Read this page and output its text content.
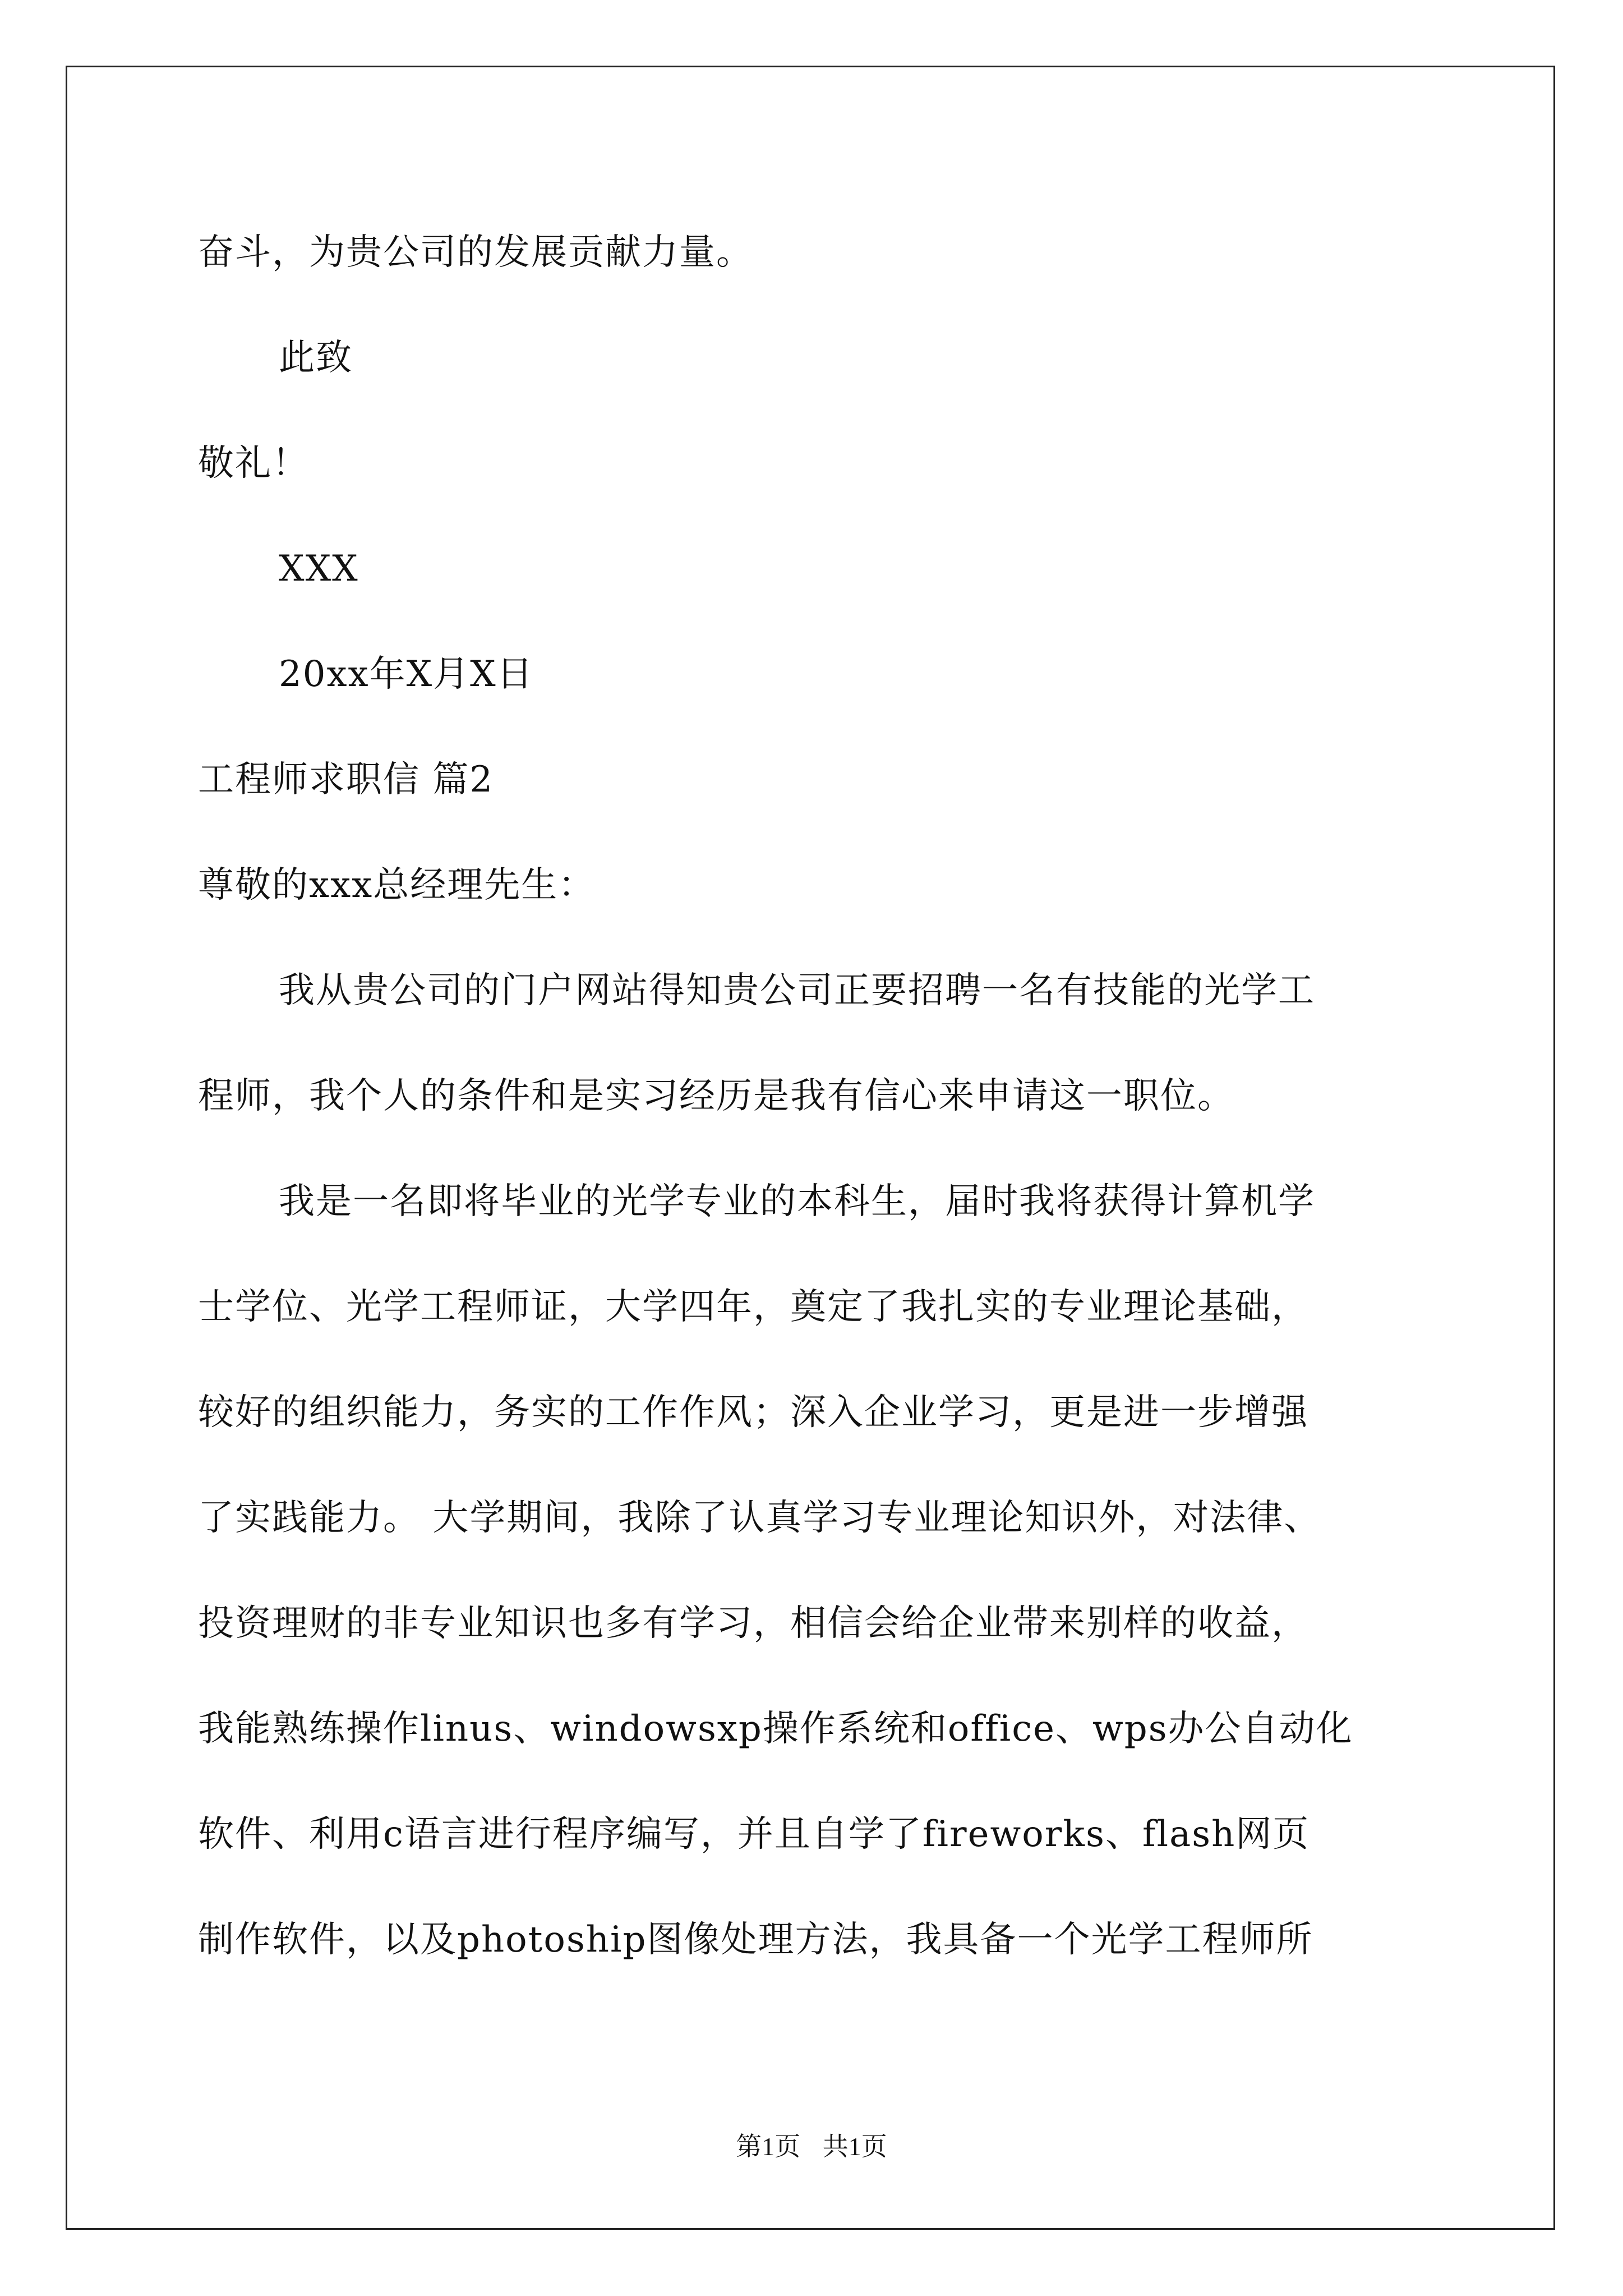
奋斗，为贵公司的发展贡献力量。
此致
敬礼！
XXX
20xx年X月X日
工程师求职信 篇2
尊敬的xxx总经理先生：
我从贵公司的门户网站得知贵公司正要招聘一名有技能的光学工
程师，我个人的条件和是实习经历是我有信心来申请这一职位。
我是一名即将毕业的光学专业的本科生，届时我将获得计算机学
士学位、光学工程师证，大学四年，奠定了我扎实的专业理论基础，
较好的组织能力，务实的工作作风；深入企业学习，更是进一步增强
了实践能力。 大学期间，我除了认真学习专业理论知识外，对法律、
投资理财的非专业知识也多有学习，相信会给企业带来别样的收益，
我能熟练操作linus、windowsxp操作系统和office、wps办公自动化
软件、利用c语言进行程序编写，并且自学了fireworks、flash网页
制作软件，以及photoship图像处理方法，我具备一个光学工程师所
第1页 共1页
